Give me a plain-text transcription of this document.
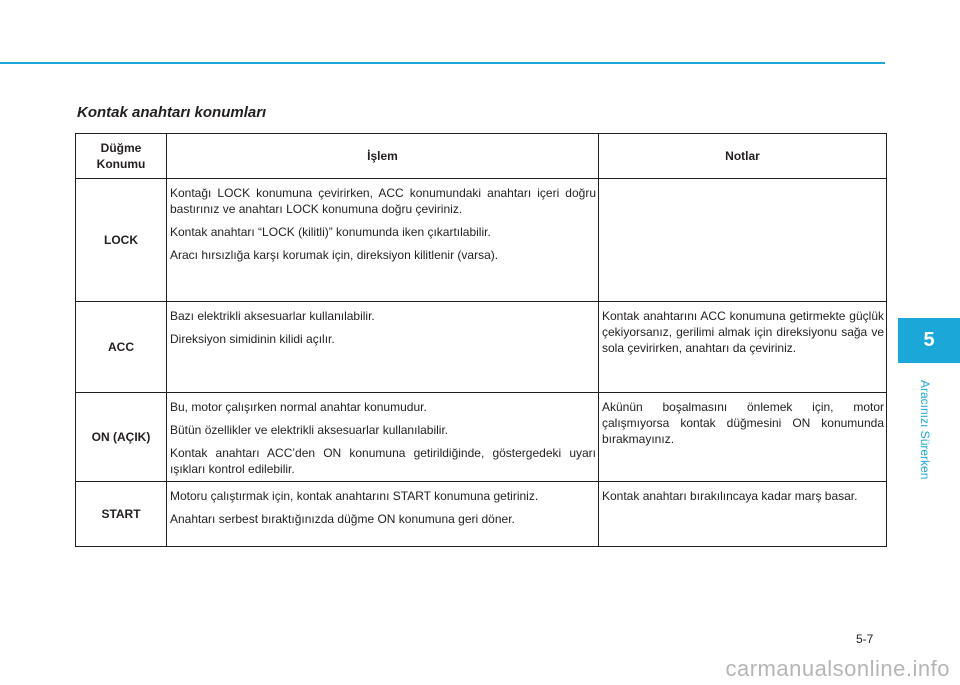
Kontak anahtarı konumları
Düğme Konumu	İşlem	Notlar
LOCK	Kontağı LOCK konumuna çevirirken, ACC konumundaki anahtarı içeri doğru bastırınız ve anahtarı LOCK konumuna doğru çeviriniz.

Kontak anahtarı “LOCK (kilitli)” konumunda iken çıkartılabilir.

Aracı hırsızlığa karşı korumak için, direksiyon kilitlenir (varsa).	

ACC	Bazı elektrikli aksesuarlar kullanılabilir.

Direksiyon simidinin kilidi açılır.	Kontak anahtarını ACC konumuna getirmekte güçlük çekiyorsanız, gerilimi almak için direksiyonu sağa ve sola çevirirken, anahtarı da çeviriniz.

ON (AÇIK)	Bu, motor çalışırken normal anahtar konumudur.

Bütün özellikler ve elektrikli aksesuarlar kullanılabilir.

Kontak anahtarı ACC’den ON konumuna getirildiğinde, göstergedeki uyarı ışıkları kontrol edilebilir.	Akünün boşalmasını önlemek için, motor çalışmıyorsa kontak düğmesini ON konumunda bırakmayınız.

START	Motoru çalıştırmak için, kontak anahtarını START konumuna getiriniz.

Anahtarı serbest bıraktığınızda düğme ON konumuna geri döner.	Kontak anahtarı bırakılıncaya kadar marş basar.

5
Aracınızı Sürerken
5-7
carmanualsonline.info
